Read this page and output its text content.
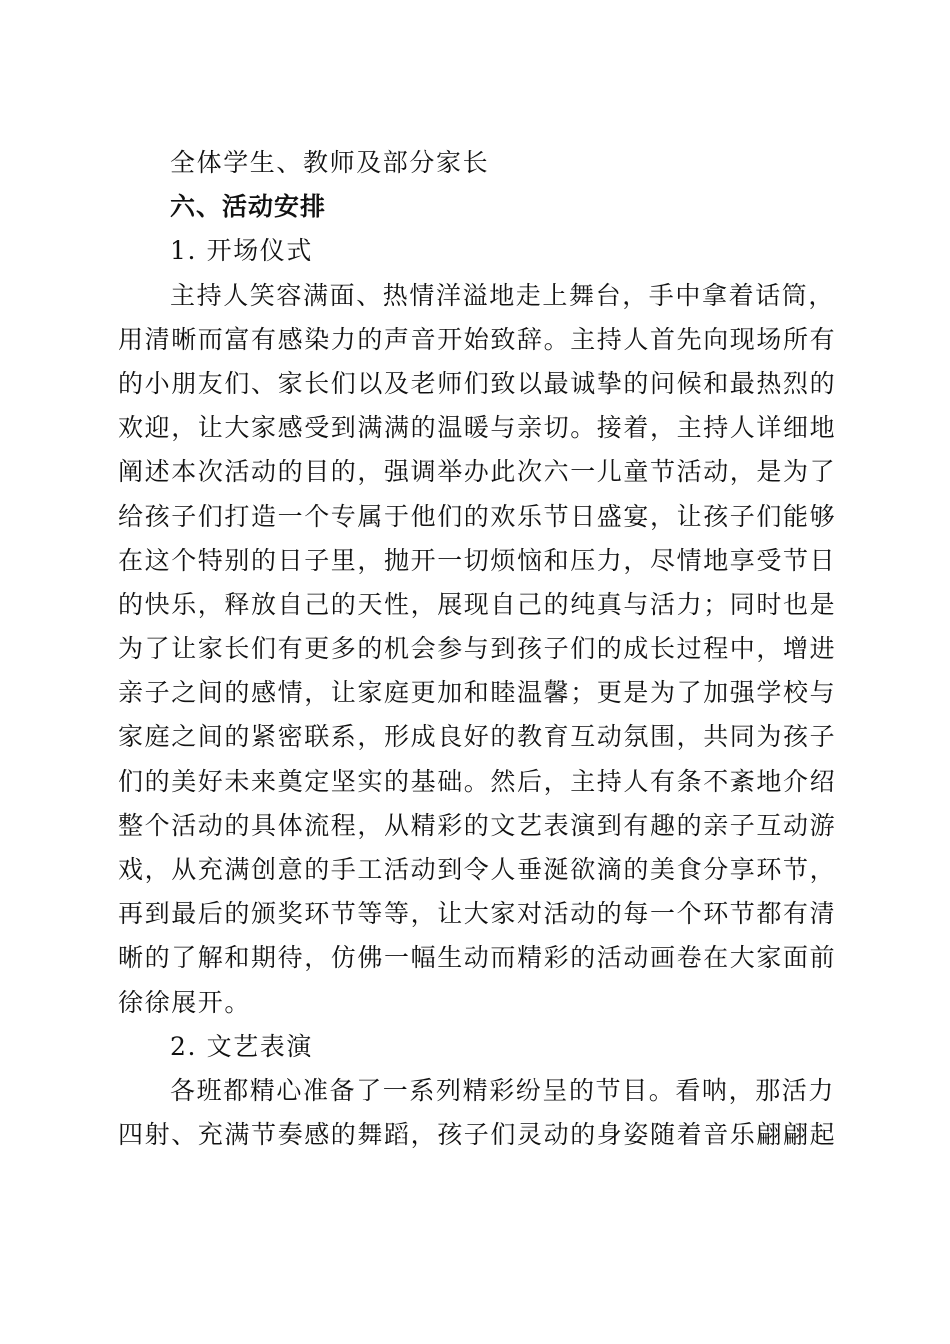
全体学生、教师及部分家长
六、活动安排
1. 开场仪式
主持人笑容满面、热情洋溢地走上舞台，手中拿着话筒，
用清晰而富有感染力的声音开始致辞。主持人首先向现场所有
的小朋友们、家长们以及老师们致以最诚挚的问候和最热烈的
欢迎，让大家感受到满满的温暖与亲切。接着，主持人详细地
阐述本次活动的目的，强调举办此次六一儿童节活动，是为了
给孩子们打造一个专属于他们的欢乐节日盛宴，让孩子们能够
在这个特别的日子里，抛开一切烦恼和压力，尽情地享受节日
的快乐，释放自己的天性，展现自己的纯真与活力；同时也是
为了让家长们有更多的机会参与到孩子们的成长过程中，增进
亲子之间的感情，让家庭更加和睦温馨；更是为了加强学校与
家庭之间的紧密联系，形成良好的教育互动氛围，共同为孩子
们的美好未来奠定坚实的基础。然后，主持人有条不紊地介绍
整个活动的具体流程，从精彩的文艺表演到有趣的亲子互动游
戏，从充满创意的手工活动到令人垂涎欲滴的美食分享环节，
再到最后的颁奖环节等等，让大家对活动的每一个环节都有清
晰的了解和期待，仿佛一幅生动而精彩的活动画卷在大家面前
徐徐展开。
2. 文艺表演
各班都精心准备了一系列精彩纷呈的节目。看呐，那活力
四射、充满节奏感的舞蹈，孩子们灵动的身姿随着音乐翩翩起
